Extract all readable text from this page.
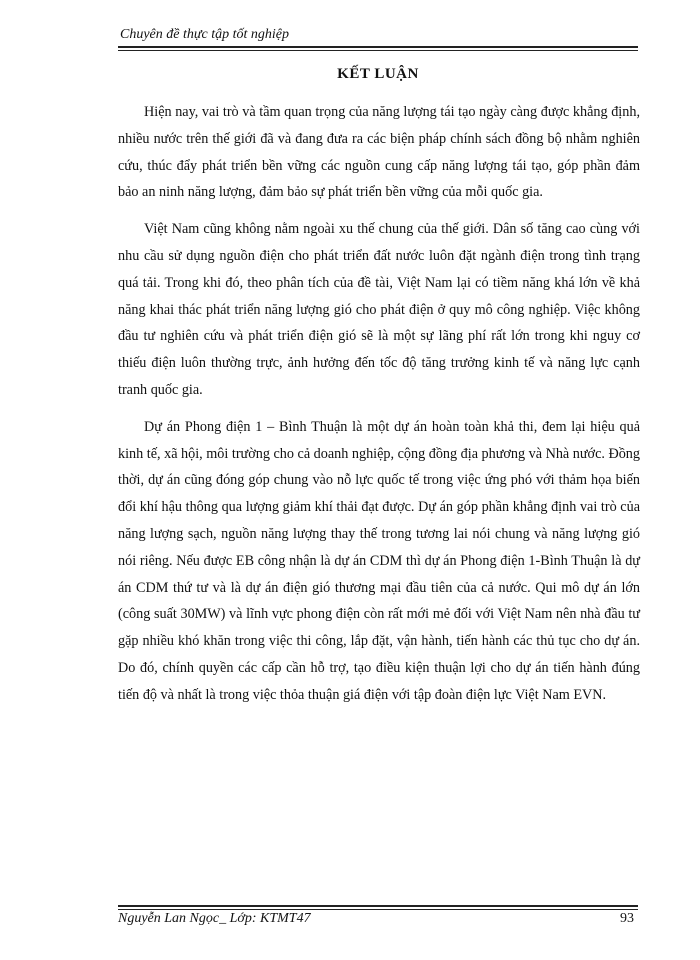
Chuyên đề thực tập tốt nghiệp
KẾT LUẬN

Hiện nay, vai trò và tầm quan trọng của năng lượng tái tạo ngày càng được khẳng định, nhiều nước trên thế giới đã và đang đưa ra các biện pháp chính sách đồng bộ nhằm nghiên cứu, thúc đẩy phát triển bền vững các nguồn cung cấp năng lượng tái tạo, góp phần đảm bảo an ninh năng lượng, đảm bảo sự phát triển bền vững của mỗi quốc gia.

Việt Nam cũng không nằm ngoài xu thế chung của thế giới. Dân số tăng cao cùng với nhu cầu sử dụng nguồn điện cho phát triển đất nước luôn đặt ngành điện trong tình trạng quá tải. Trong khi đó, theo phân tích của đề tài, Việt Nam lại có tiềm năng khá lớn về khả năng khai thác phát triển năng lượng gió cho phát điện ở quy mô công nghiệp. Việc không đầu tư nghiên cứu và phát triển điện gió sẽ là một sự lãng phí rất lớn trong khi nguy cơ thiếu điện luôn thường trực, ảnh hưởng đến tốc độ tăng trưởng kinh tế và năng lực cạnh tranh quốc gia.

Dự án Phong điện 1 – Bình Thuận là một dự án hoàn toàn khả thi, đem lại hiệu quả kinh tế, xã hội, môi trường cho cả doanh nghiệp, cộng đồng địa phương và Nhà nước. Đồng thời, dự án cũng đóng góp chung vào nỗ lực quốc tế trong việc ứng phó với thảm họa biến đổi khí hậu thông qua lượng giảm khí thải đạt được. Dự án góp phần khẳng định vai trò của năng lượng sạch, nguồn năng lượng thay thế trong tương lai nói chung và năng lượng gió nói riêng. Nếu được EB công nhận là dự án CDM thì dự án Phong điện 1-Bình Thuận là dự án CDM thứ tư và là dự án điện gió thương mại đầu tiên của cả nước. Qui mô dự án lớn (công suất 30MW) và lĩnh vực phong điện còn rất mới mẻ đối với Việt Nam nên nhà đầu tư gặp nhiều khó khăn trong việc thi công, lắp đặt, vận hành, tiến hành các thủ tục cho dự án. Do đó, chính quyền các cấp cần hỗ trợ, tạo điều kiện thuận lợi cho dự án tiến hành đúng tiến độ và nhất là trong việc thỏa thuận giá điện với tập đoàn điện lực Việt Nam EVN.

Nguyễn Lan Ngọc_ Lớp: KTMT47	93
